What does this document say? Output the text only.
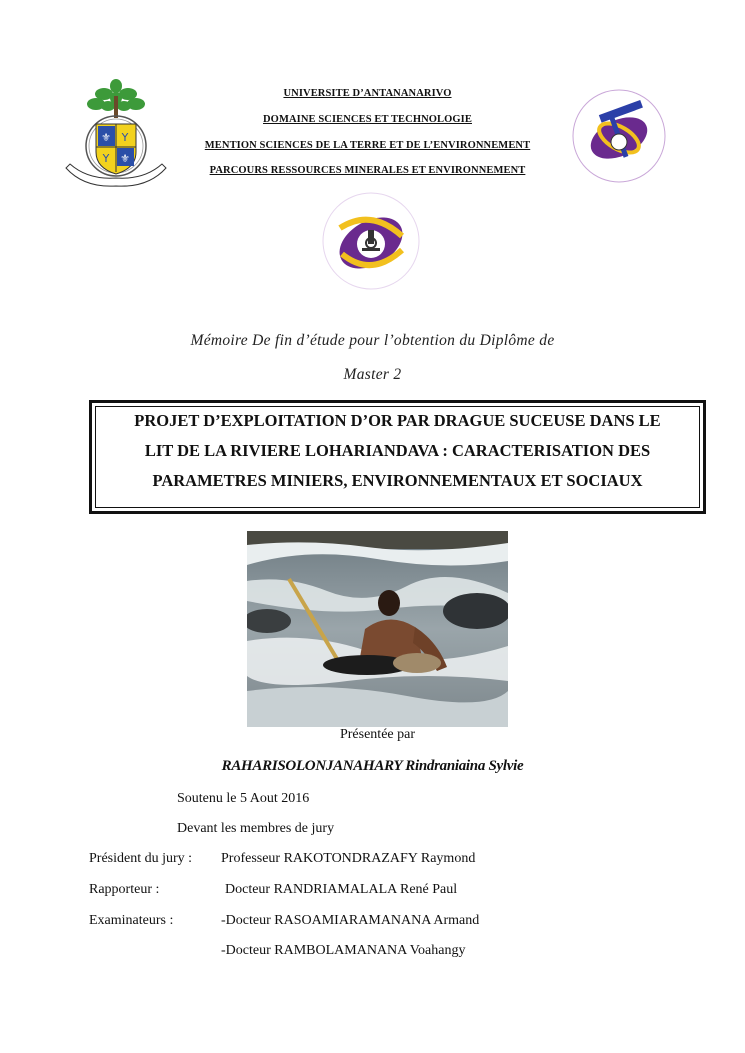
⚜
⚜
Y
Y
UNIVERSITE D’ANTANANARIVO
DOMAINE SCIENCES ET TECHNOLOGIE
MENTION SCIENCES DE LA TERRE ET DE L’ENVIRONNEMENT
PARCOURS RESSOURCES MINERALES ET ENVIRONNEMENT
Mémoire De fin d’étude pour l’obtention du Diplôme de
Master 2
PROJET D’EXPLOITATION D’OR PAR DRAGUE SUCEUSE DANS LE
LIT DE LA RIVIERE LOHARIANDAVA : CARACTERISATION DES
PARAMETRES MINIERS, ENVIRONNEMENTAUX ET SOCIAUX
Présentée par
RAHARISOLONJANAHARY Rindraniaina Sylvie
Soutenu le 5 Aout 2016
Devant les membres de jury
Président du jury : Professeur RAKOTONDRAZAFY Raymond
Rapporteur :	Docteur RANDRIAMALALA René Paul
Examinateurs :	-Docteur RASOAMIARAMANANA Armand
-Docteur RAMBOLAMANANA Voahangy
